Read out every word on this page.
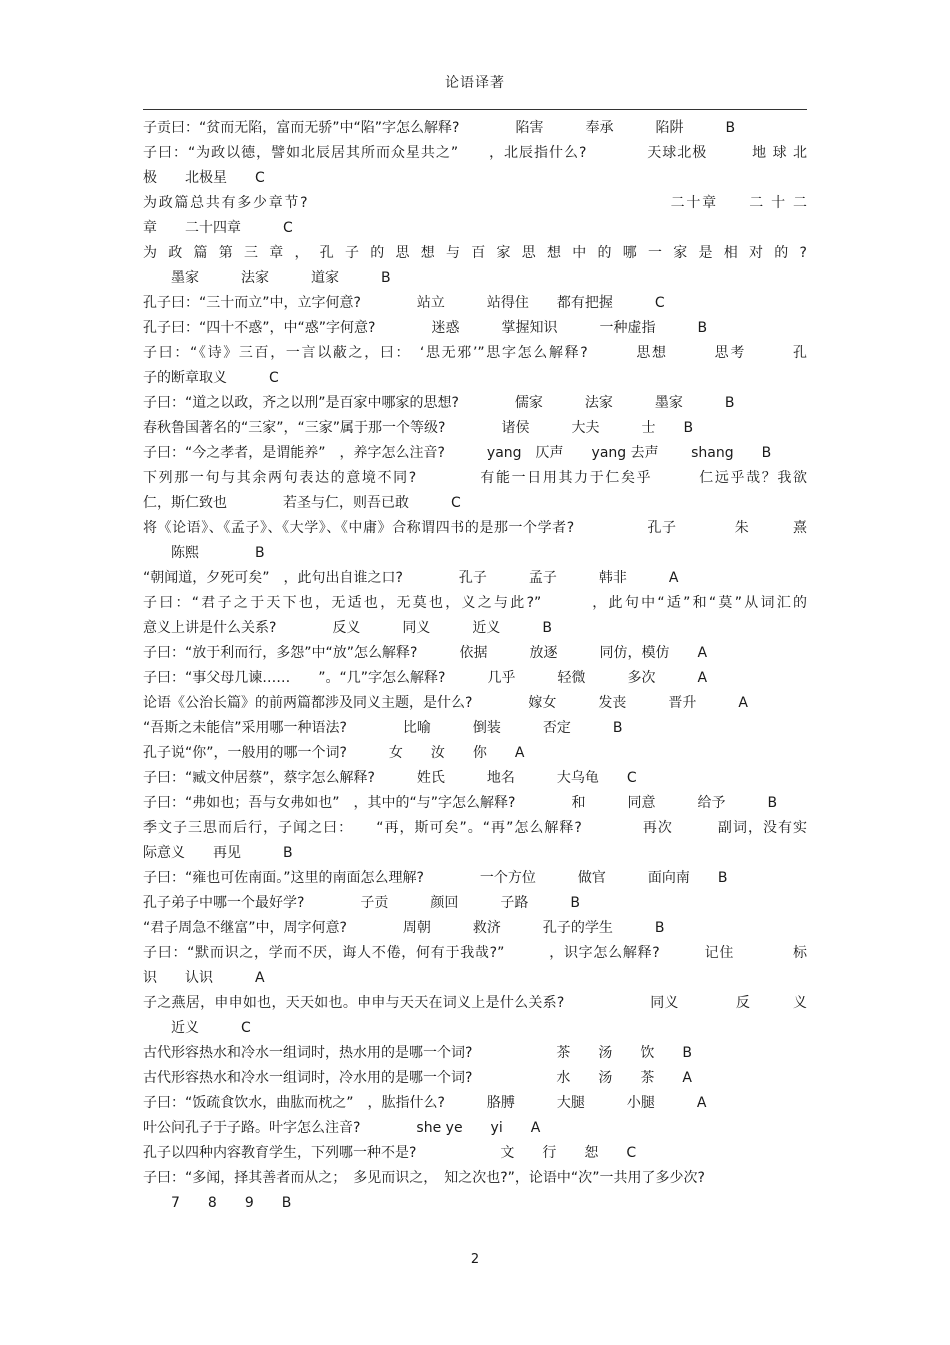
论语译著
子贡曰：“贫而无陷，富而无骄”中“陷”字怎么解释?　　　　陷害　　　奉承　　　陷阱　　　B
子曰：“为政以德，譬如北辰居其所而众星共之”　　，北辰指什么?　　　　天球北极　　　地 球 北
极　　北极星　　C
为政篇总共有多少章节?　　　　　　　　　　　　　　　　　　　　　　　二十章　　二 十 二
章　　二十四章　　　C
为 政 篇 第 三 章 ， 孔 子 的 思 想 与 百 家 思 想 中 的 哪 一 家 是 相 对 的 ?
　　墨家　　　法家　　　道家　　　B
孔子曰：“三十而立”中，立字何意?　　　　站立　　　站得住　　都有把握　　　C
孔子曰：“四十不惑”，中“惑”字何意?　　　　迷惑　　　掌握知识　　　一种虚指　　　B
子曰：“《诗》三百，一言以蔽之，曰：　‘思无邪’”思字怎么解释?　　　思想　　　思考　　　孔
子的断章取义　　　C
子曰：“道之以政，齐之以刑”是百家中哪家的思想?　　　　儒家　　　法家　　　墨家　　　B
春秋鲁国著名的“三家”，“三家”属于那一个等级?　　　　诸侯　　　大夫　　　士　　B
子曰：“今之孝者，是谓能养”　，养字怎么注音?　　　yang　仄声　　yang 去声　　 shang　　B
下列那一句与其余两句表达的意境不同?　　　　有能一日用其力于仁矣乎　　　仁远乎哉？我欲
仁，斯仁致也　　　　若圣与仁，则吾已敢　　　C
将《论语》、《孟子》、《大学》、《中庸》合称谓四书的是那一个学者?　　　　　孔子　　　　朱　　　熹
　　陈熙　　　　B
“朝闻道，夕死可矣”　，此句出自谁之口?　　　　孔子　　　孟子　　　韩非　　　A
子曰：“君子之于天下也，无适也，无莫也，义之与此?”　　　，此句中“适”和“莫”从词汇的
意义上讲是什么关系?　　　　反义　　　同义　　　近义　　　B
子曰：“放于利而行，多怨”中“放”怎么解释?　　　依据　　　放逐　　　同仿，模仿　　A
子曰：“事父母几谏……　　”。“几”字怎么解释?　　　几乎　　　轻微　　　多次　　　A
论语《公治长篇》的前两篇都涉及同义主题，是什么?　　　　嫁女　　　发丧　　　晋升　　　A
“吾斯之未能信”采用哪一种语法?　　　　比喻　　　倒装　　　否定　　　B
孔子说“你”，一般用的哪一个词?　　　女　　汝　　你　　A
子曰：“臧文仲居蔡”，蔡字怎么解释?　　　姓氏　　　地名　　　大乌龟　　C
子曰：“弗如也；吾与女弗如也”　，其中的“与”字怎么解释?　　　　和　　　同意　　　给予　　　B
季文子三思而后行，子闻之曰：　　“再，斯可矣”。“再”怎么解释?　　　　再次　　　副词，没有实
际意义　　再见　　　B
子曰：“雍也可佐南面。”这里的南面怎么理解?　　　　一个方位　　　做官　　　面向南　　B
孔子弟子中哪一个最好学?　　　　子贡　　　颜回　　　子路　　　B
“君子周急不继富”中，周字何意?　　　　周朝　　　救济　　　孔子的学生　　　B
子曰：“默而识之，学而不厌，诲人不倦，何有于我哉?”　　　，识字怎么解释?　　　记住　　　　标
识　　认识　　　A
子之燕居，申申如也，天天如也。申申与天天在词义上是什么关系?　　　　　　同义　　　　反　　　义
　　近义　　　C
古代形容热水和冷水一组词时，热水用的是哪一个词?　　　　　　茶　　汤　　饮　　B
古代形容热水和冷水一组词时，冷水用的是哪一个词?　　　　　　水　　汤　　茶　　A
子曰：“饭疏食饮水，曲肱而枕之”　，肱指什么?　　　胳膊　　　大腿　　　小腿　　　A
叶公问孔子于子路。叶字怎么注音?　　　　she ye　　yi　　A
孔子以四种内容教育学生，下列哪一种不是?　　　　　　文　　行　　恕　　C
子曰：“多闻，择其善者而从之；　多见而识之，　知之次也?”，论语中“次”一共用了多少次?
　　7　　8　　9　　B
2
